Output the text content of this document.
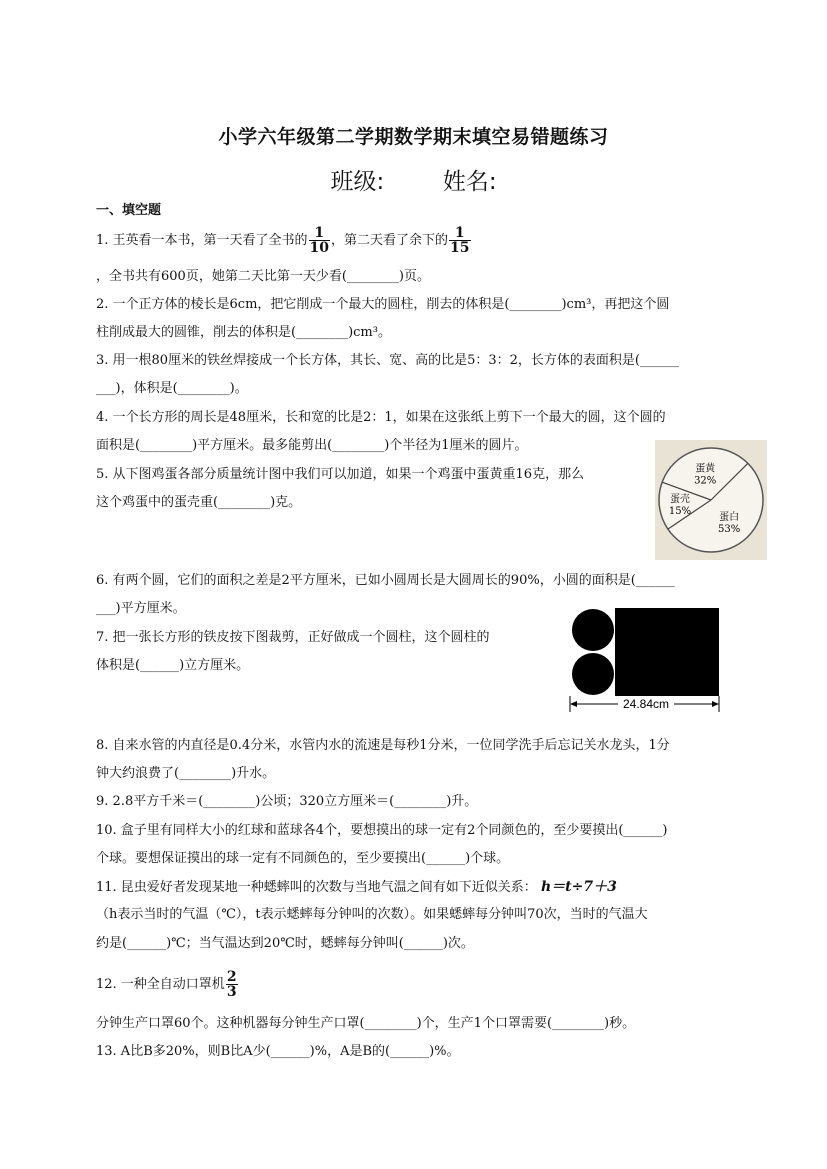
小学六年级第二学期数学期末填空易错题练习
班级:	姓名:
一、填空题
1. 王英看一本书，第一天看了全书的 $\frac{1}{10}$ ，第二天看了余下的 $\frac{1}{15}$
，全书共有600页，她第二天比第一天少看(________)页。
2. 一个正方体的棱长是6cm，把它削成一个最大的圆柱，削去的体积是(________)cm³，再把这个圆
柱削成最大的圆锥，削去的体积是(________)cm³。
3. 用一根80厘米的铁丝焊接成一个长方体，其长、宽、高的比是5：3：2，长方体的表面积是(______
___)，体积是(________)。
4. 一个长方形的周长是48厘米，长和宽的比是2：1，如果在这张纸上剪下一个最大的圆，这个圆的
面积是(________)平方厘米。最多能剪出(________)个半径为1厘米的圆片。
5. 从下图鸡蛋各部分质量统计图中我们可以加道，如果一个鸡蛋中蛋黄重16克，那么
这个鸡蛋中的蛋壳重(________)克。
蛋黄
32%
蛋白
53%
蛋壳
15%
6. 有两个圆，它们的面积之差是2平方厘米，已如小圆周长是大圆周长的90%，小圆的面积是(______
___)平方厘米。
7. 把一张长方形的铁皮按下图裁剪，正好做成一个圆柱，这个圆柱的
体积是(______)立方厘米。
24.84cm
8. 自来水管的内直径是0.4分米，水管内水的流速是每秒1分米，一位同学洗手后忘记关水龙头，1分
钟大约浪费了(________)升水。
9. 2.8平方千米＝(________)公顷；320立方厘米＝(________)升。
10. 盒子里有同样大小的红球和蓝球各4个，要想摸出的球一定有2个同颜色的，至少要摸出(______)
个球。要想保证摸出的球一定有不同颜色的，至少要摸出(______)个球。
11. 昆虫爱好者发现某地一种蟋蟀叫的次数与当地气温之间有如下近似关系： h＝t÷7＋3
（h表示当时的气温（℃），t表示蟋蟀每分钟叫的次数）。如果蟋蟀每分钟叫70次，当时的气温大
约是(______)℃；当气温达到20℃时，蟋蟀每分钟叫(______)次。
12. 一种全自动口罩机 $\frac{2}{3}$
分钟生产口罩60个。这种机器每分钟生产口罩(________)个，生产1个口罩需要(________)秒。
13. A比B多20%，则B比A少(______)%，A是B的(______)%。
